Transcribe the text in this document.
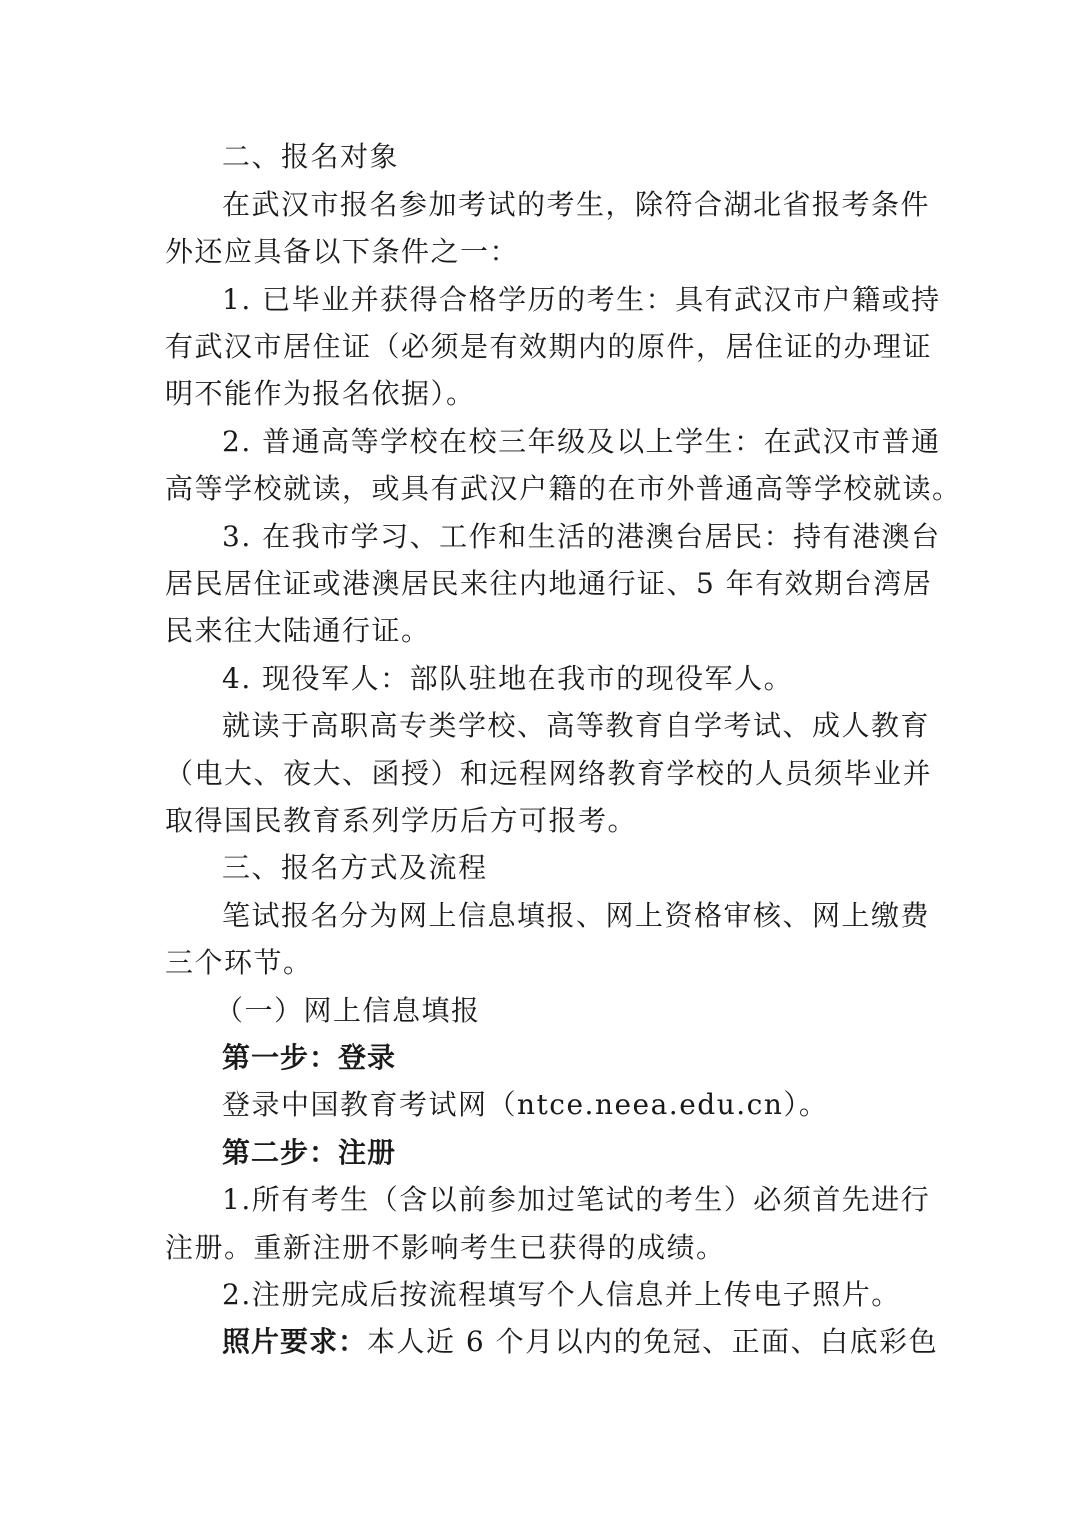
二、报名对象
在武汉市报名参加考试的考生，除符合湖北省报考条件
外还应具备以下条件之一：
1. 已毕业并获得合格学历的考生：具有武汉市户籍或持
有武汉市居住证（必须是有效期内的原件，居住证的办理证
明不能作为报名依据）。
2. 普通高等学校在校三年级及以上学生：在武汉市普通
高等学校就读，或具有武汉户籍的在市外普通高等学校就读。
3. 在我市学习、工作和生活的港澳台居民：持有港澳台
居民居住证或港澳居民来往内地通行证、5 年有效期台湾居
民来往大陆通行证。
4. 现役军人：部队驻地在我市的现役军人。
就读于高职高专类学校、高等教育自学考试、成人教育
（电大、夜大、函授）和远程网络教育学校的人员须毕业并
取得国民教育系列学历后方可报考。
三、报名方式及流程
笔试报名分为网上信息填报、网上资格审核、网上缴费
三个环节。
（一）网上信息填报
第一步：登录
登录中国教育考试网（ntce.neea.edu.cn）。
第二步：注册
1.所有考生（含以前参加过笔试的考生）必须首先进行
注册。重新注册不影响考生已获得的成绩。
2.注册完成后按流程填写个人信息并上传电子照片。
照片要求：本人近 6 个月以内的免冠、正面、白底彩色
